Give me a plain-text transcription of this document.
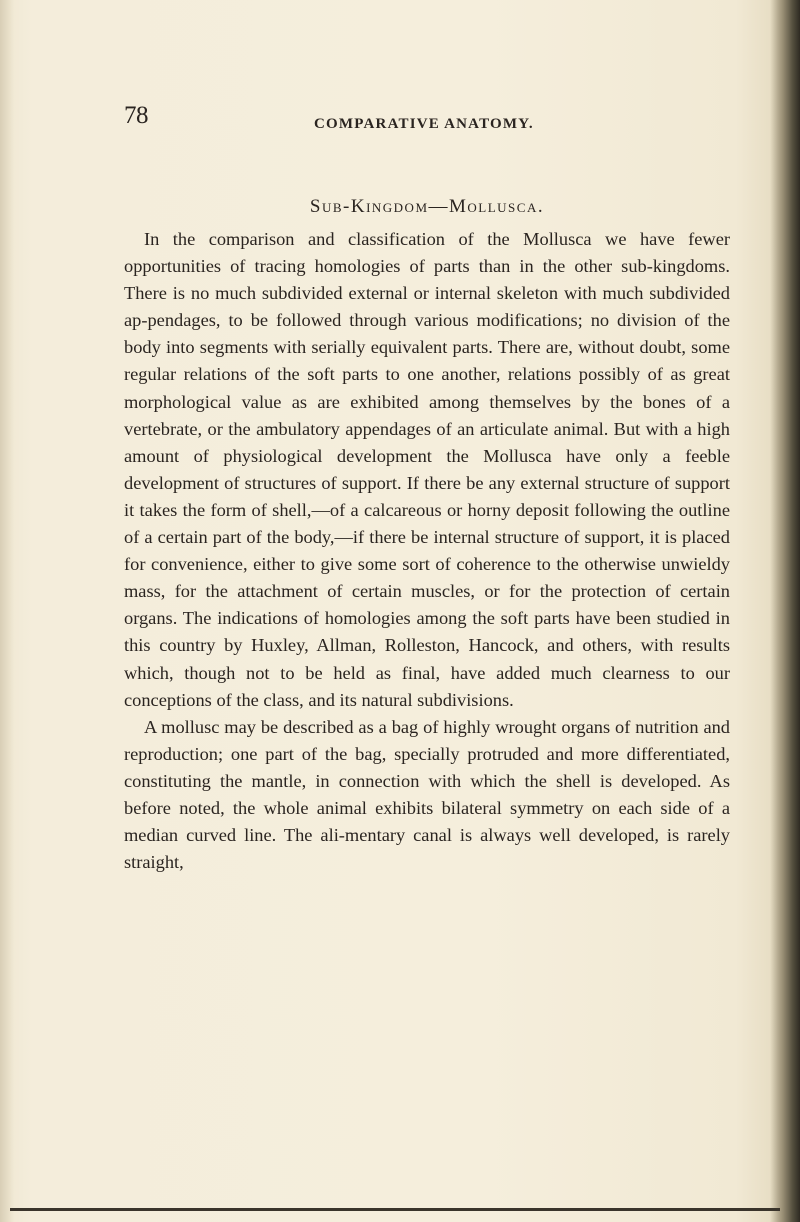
78	COMPARATIVE ANATOMY.
Sub-Kingdom—Mollusca.

In the comparison and classification of the Mollusca we have fewer opportunities of tracing homologies of parts than in the other sub-kingdoms. There is no much subdivided external or internal skeleton with much subdivided ap-pendages, to be followed through various modifications; no division of the body into segments with serially equivalent parts. There are, without doubt, some regular relations of the soft parts to one another, relations possibly of as great morphological value as are exhibited among themselves by the bones of a vertebrate, or the ambulatory appendages of an articulate animal. But with a high amount of physiological development the Mollusca have only a feeble development of structures of support. If there be any external structure of support it takes the form of shell,—of a calcareous or horny deposit following the outline of a certain part of the body,—if there be internal structure of support, it is placed for convenience, either to give some sort of coherence to the otherwise unwieldy mass, for the attachment of certain muscles, or for the protection of certain organs. The indications of homologies among the soft parts have been studied in this country by Huxley, Allman, Rolleston, Hancock, and others, with results which, though not to be held as final, have added much clearness to our conceptions of the class, and its natural subdivisions.

A mollusc may be described as a bag of highly wrought organs of nutrition and reproduction; one part of the bag, specially protruded and more differentiated, constituting the mantle, in connection with which the shell is developed. As before noted, the whole animal exhibits bilateral symmetry on each side of a median curved line. The ali-mentary canal is always well developed, is rarely straight,
